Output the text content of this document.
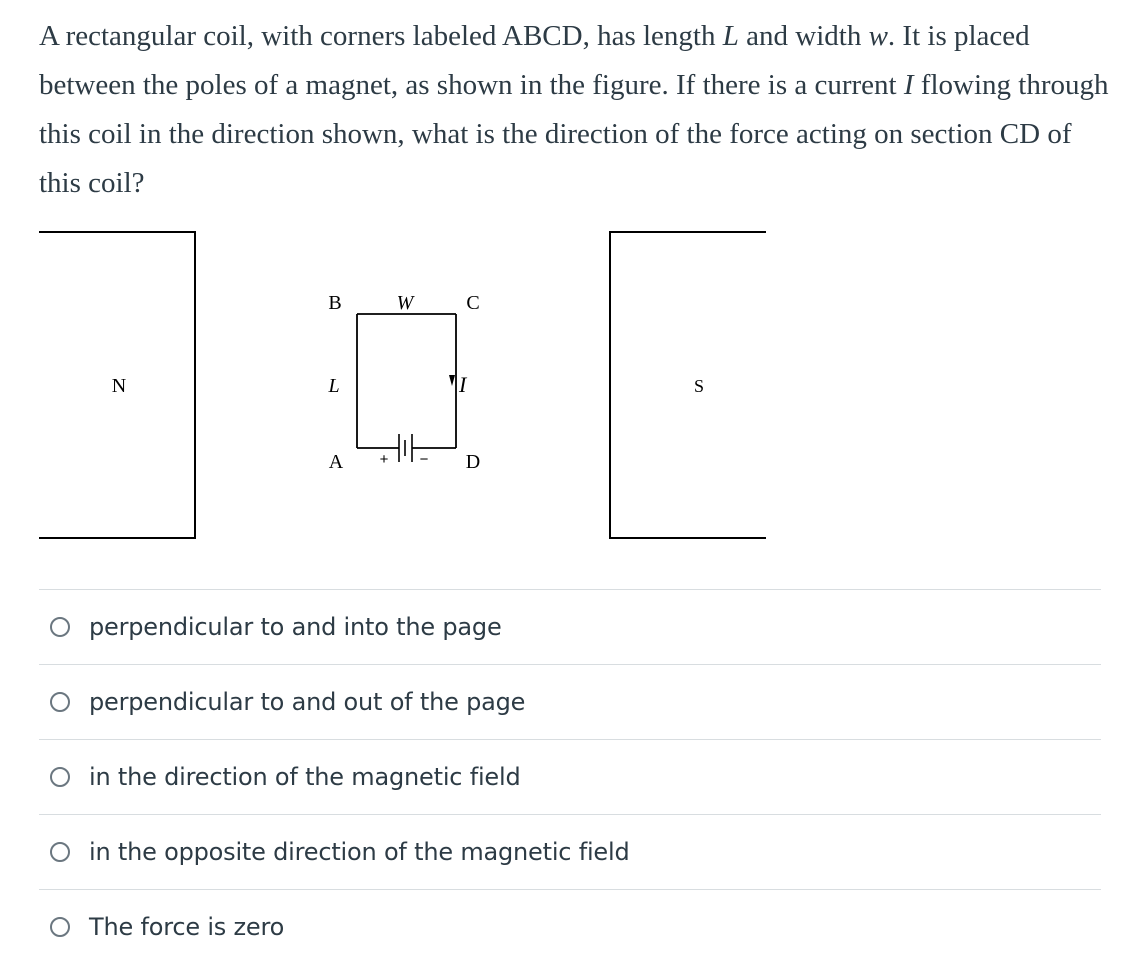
A rectangular coil, with corners labeled ABCD, has length L and width w. It is placed between the poles of a magnet, as shown in the figure. If there is a current I flowing through this coil in the direction shown, what is the direction of the force acting on section CD of this coil?

N	S
+ −
I
B	W	C
L
A	D
perpendicular to and into the page
perpendicular to and out of the page
in the direction of the magnetic field
in the opposite direction of the magnetic field
The force is zero
